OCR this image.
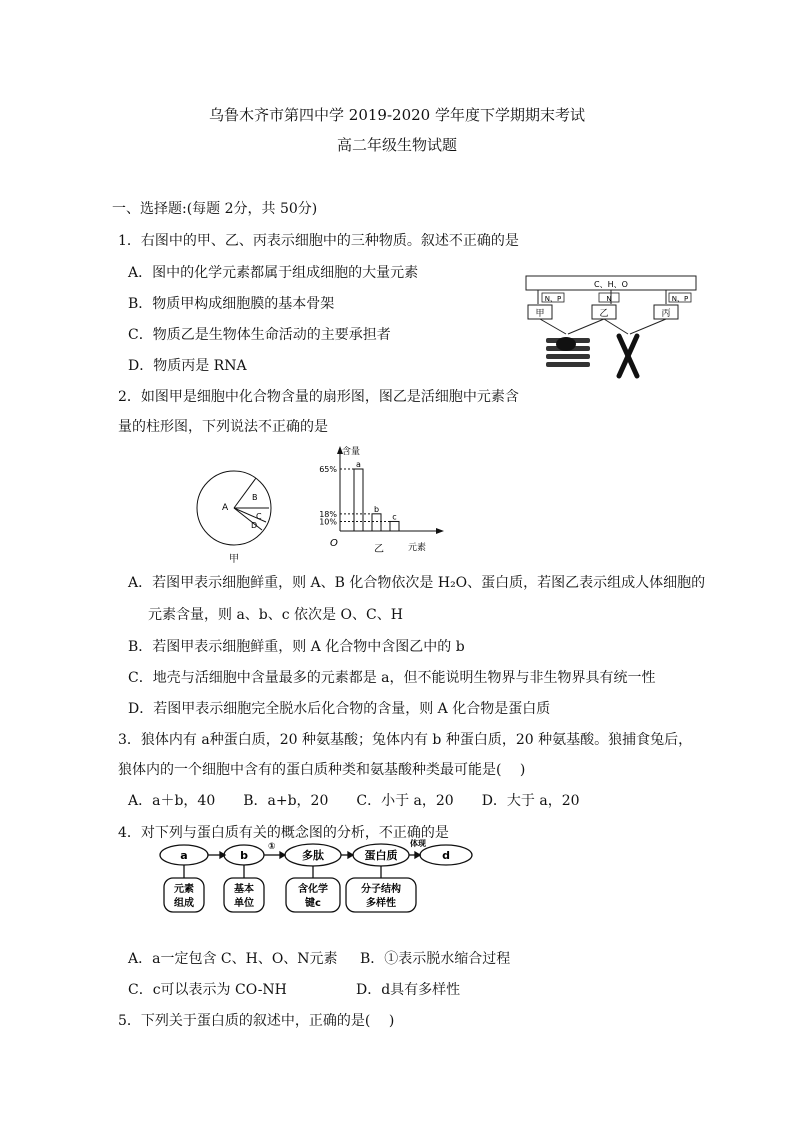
乌鲁木齐市第四中学 2019-2020 学年度下学期期末考试
高二年级生物试题
一、选择题:(每题 2分，共 50分)
1．右图中的甲、乙、丙表示细胞中的三种物质。叙述不正确的是
A．图中的化学元素都属于组成细胞的大量元素
B．物质甲构成细胞膜的基本骨架
C．物质乙是生物体生命活动的主要承担者
D．物质丙是 RNA
C、H、O
N、P	N	N、P
甲	乙	丙
2．如图甲是细胞中化合物含量的扇形图，图乙是活细胞中元素含
量的柱形图，下列说法不正确的是
A
B
C
D
甲
含量
元素
乙
O
a
65%
b
18%	c
10%
A．若图甲表示细胞鲜重，则 A、B 化合物依次是 H₂O、蛋白质，若图乙表示组成人体细胞的
元素含量，则 a、b、c 依次是 O、C、H
B．若图甲表示细胞鲜重，则 A 化合物中含图乙中的 b
C．地壳与活细胞中含量最多的元素都是 a，但不能说明生物界与非生物界具有统一性
D．若图甲表示细胞完全脱水后化合物的含量，则 A 化合物是蛋白质
3．狼体内有 a种蛋白质，20 种氨基酸；兔体内有 b 种蛋白质，20 种氨基酸。狼捕食兔后，
狼体内的一个细胞中含有的蛋白质种类和氨基酸种类最可能是(　 )
A．a＋b，40　　B．a+b，20　　C．小于 a，20　　D．大于 a，20
4．对下列与蛋白质有关的概念图的分析，不正确的是
a	b	多肽	蛋白质	d
①	体现
元素
组成
基本
单位
含化学
键c
分子结构
多样性
A．a一定包含 C、H、O、N元素 B．①表示脱水缩合过程
C．c可以表示为 CO-NH	D．d具有多样性
5．下列关于蛋白质的叙述中，正确的是(　 )
